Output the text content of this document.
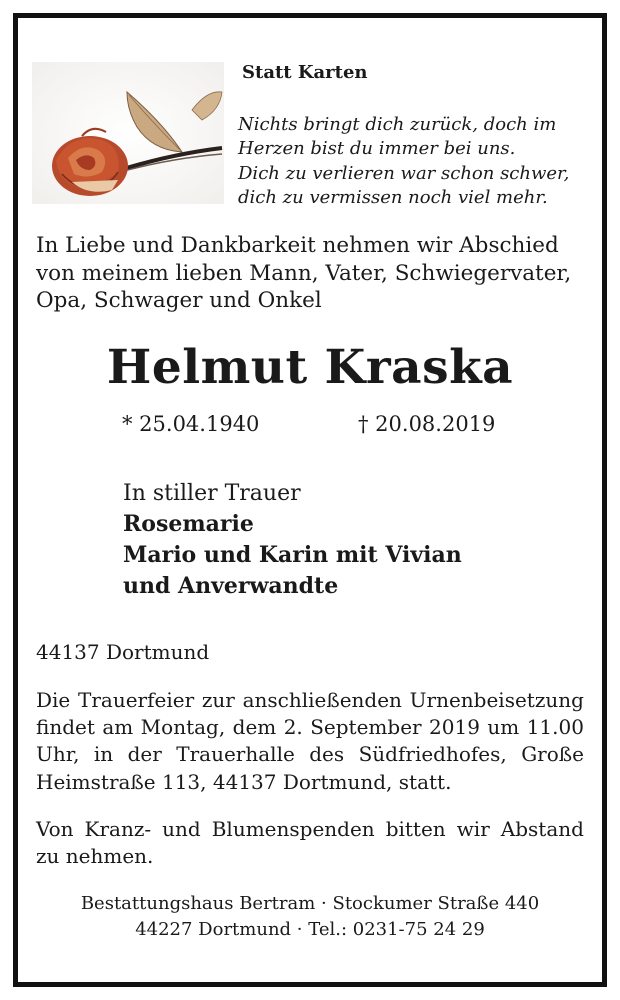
Statt Karten
Nichts bringt dich zurück, doch im
Herzen bist du immer bei uns.
Dich zu verlieren war schon schwer,
dich zu vermissen noch viel mehr.
In Liebe und Dankbarkeit nehmen wir Abschied
von meinem lieben Mann, Vater, Schwiegervater,
Opa, Schwager und Onkel
Helmut Kraska
* 25.04.1940	† 20.08.2019
In stiller Trauer
Rosemarie
Mario und Karin mit Vivian
und Anverwandte
44137 Dortmund
Die Trauerfeier zur anschließenden Urnenbeisetzung
findet am Montag, dem 2. September 2019 um 11.00
Uhr, in der Trauerhalle des Südfriedhofes, Große
Heimstraße 113, 44137 Dortmund, statt.
Von Kranz- und Blumenspenden bitten wir Abstand
zu nehmen.
Bestattungshaus Bertram · Stockumer Straße 440
44227 Dortmund · Tel.: 0231-75 24 29
